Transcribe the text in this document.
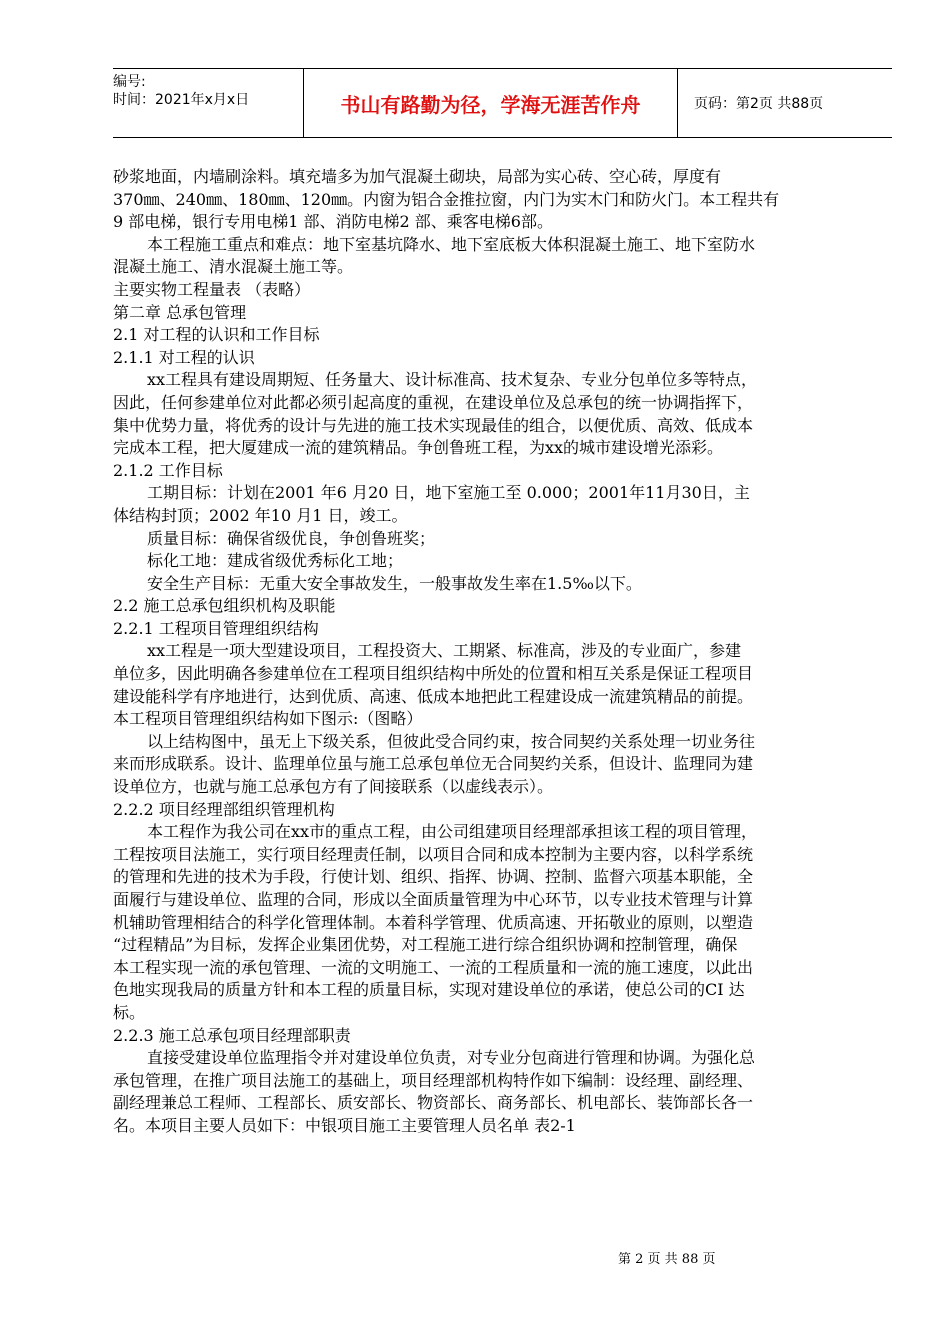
编号:
时间：2021年x月x日	书山有路勤为径，学海无涯苦作舟	页码：第2页 共88页
砂浆地面，内墙刷涂料。填充墙多为加气混凝土砌块，局部为实心砖、空心砖，厚度有
370㎜、240㎜、180㎜、120㎜。内窗为铝合金推拉窗，内门为实木门和防火门。本工程共有
9 部电梯，银行专用电梯1 部、消防电梯2 部、乘客电梯6部。
本工程施工重点和难点：地下室基坑降水、地下室底板大体积混凝土施工、地下室防水
混凝土施工、清水混凝土施工等。
主要实物工程量表 （表略）
第二章 总承包管理
2.1 对工程的认识和工作目标
2.1.1 对工程的认识
xx工程具有建设周期短、任务量大、设计标准高、技术复杂、专业分包单位多等特点，
因此，任何参建单位对此都必须引起高度的重视，在建设单位及总承包的统一协调指挥下，
集中优势力量，将优秀的设计与先进的施工技术实现最佳的组合，以便优质、高效、低成本
完成本工程，把大厦建成一流的建筑精品。争创鲁班工程，为xx的城市建设增光添彩。
2.1.2 工作目标
工期目标：计划在2001 年6 月20 日，地下室施工至 0.000；2001年11月30日，主
体结构封顶；2002 年10 月1 日，竣工。
质量目标：确保省级优良，争创鲁班奖；
标化工地：建成省级优秀标化工地；
安全生产目标：无重大安全事故发生，一般事故发生率在1.5‰以下。
2.2 施工总承包组织机构及职能
2.2.1 工程项目管理组织结构
xx工程是一项大型建设项目，工程投资大、工期紧、标准高，涉及的专业面广，参建
单位多，因此明确各参建单位在工程项目组织结构中所处的位置和相互关系是保证工程项目
建设能科学有序地进行，达到优质、高速、低成本地把此工程建设成一流建筑精品的前提。
本工程项目管理组织结构如下图示:（图略）
以上结构图中，虽无上下级关系，但彼此受合同约束，按合同契约关系处理一切业务往
来而形成联系。设计、监理单位虽与施工总承包单位无合同契约关系，但设计、监理同为建
设单位方，也就与施工总承包方有了间接联系（以虚线表示）。
2.2.2 项目经理部组织管理机构
本工程作为我公司在xx市的重点工程，由公司组建项目经理部承担该工程的项目管理，
工程按项目法施工，实行项目经理责任制，以项目合同和成本控制为主要内容，以科学系统
的管理和先进的技术为手段，行使计划、组织、指挥、协调、控制、监督六项基本职能，全
面履行与建设单位、监理的合同，形成以全面质量管理为中心环节，以专业技术管理与计算
机辅助管理相结合的科学化管理体制。本着科学管理、优质高速、开拓敬业的原则，以塑造
“过程精品”为目标，发挥企业集团优势，对工程施工进行综合组织协调和控制管理，确保
本工程实现一流的承包管理、一流的文明施工、一流的工程质量和一流的施工速度，以此出
色地实现我局的质量方针和本工程的质量目标，实现对建设单位的承诺，使总公司的CI 达
标。
2.2.3 施工总承包项目经理部职责
直接受建设单位监理指令并对建设单位负责，对专业分包商进行管理和协调。为强化总
承包管理，在推广项目法施工的基础上，项目经理部机构特作如下编制：设经理、副经理、
副经理兼总工程师、工程部长、质安部长、物资部长、商务部长、机电部长、装饰部长各一
名。本项目主要人员如下：中银项目施工主要管理人员名单 表2-1
第 2 页 共 88 页
